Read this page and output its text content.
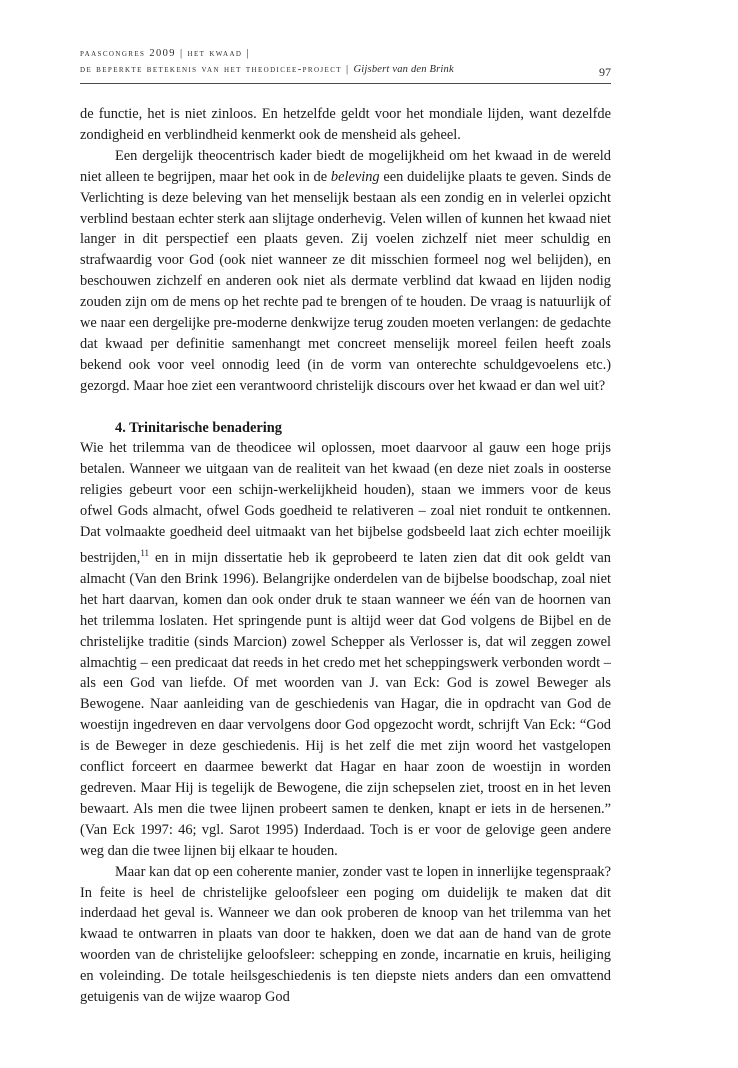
paascongres 2009 | het kwaad |
de beperkte betekenis van het theodicee-project | Gijsbert van den Brink	97

de functie, het is niet zinloos. En hetzelfde geldt voor het mondiale lijden, want dezelfde zondigheid en verblindheid kenmerkt ook de mensheid als geheel.

Een dergelijk theocentrisch kader biedt de mogelijkheid om het kwaad in de wereld niet alleen te begrijpen, maar het ook in de beleving een duidelijke plaats te geven. Sinds de Verlichting is deze beleving van het menselijk bestaan als een zondig en in velerlei opzicht verblind bestaan echter sterk aan slijtage onderhevig. Velen willen of kunnen het kwaad niet langer in dit perspectief een plaats geven. Zij voelen zichzelf niet meer schuldig en strafwaardig voor God (ook niet wanneer ze dit misschien formeel nog wel belijden), en beschouwen zichzelf en anderen ook niet als dermate verblind dat kwaad en lijden nodig zouden zijn om de mens op het rechte pad te brengen of te houden. De vraag is natuurlijk of we naar een dergelijke pre-moderne denkwijze terug zouden moeten verlangen: de gedachte dat kwaad per definitie samenhangt met concreet menselijk moreel feilen heeft zoals bekend ook voor veel onnodig leed (in de vorm van onterechte schuldgevoelens etc.) gezorgd. Maar hoe ziet een verantwoord christelijk discours over het kwaad er dan wel uit?

4. Trinitarische benadering

Wie het trilemma van de theodicee wil oplossen, moet daarvoor al gauw een hoge prijs betalen. Wanneer we uitgaan van de realiteit van het kwaad (en deze niet zoals in oosterse religies gebeurt voor een schijn-werkelijkheid houden), staan we immers voor de keus ofwel Gods almacht, ofwel Gods goedheid te relativeren – zoal niet ronduit te ontkennen. Dat volmaakte goedheid deel uitmaakt van het bijbelse godsbeeld laat zich echter moeilijk bestrijden,$^{11}$ en in mijn dissertatie heb ik geprobeerd te laten zien dat dit ook geldt van almacht (Van den Brink 1996). Belangrijke onderdelen van de bijbelse boodschap, zoal niet het hart daarvan, komen dan ook onder druk te staan wanneer we één van de hoornen van het trilemma loslaten. Het springende punt is altijd weer dat God volgens de Bijbel en de christelijke traditie (sinds Marcion) zowel Schepper als Verlosser is, dat wil zeggen zowel almachtig – een predicaat dat reeds in het credo met het scheppingswerk verbonden wordt – als een God van liefde. Of met woorden van J. van Eck: God is zowel Beweger als Bewogene. Naar aanleiding van de geschiedenis van Hagar, die in opdracht van God de woestijn ingedreven en daar vervolgens door God opgezocht wordt, schrijft Van Eck: “God is de Beweger in deze geschiedenis. Hij is het zelf die met zijn woord het vastgelopen conflict forceert en daarmee bewerkt dat Hagar en haar zoon de woestijn in worden gedreven. Maar Hij is tegelijk de Bewogene, die zijn schepselen ziet, troost en in het leven bewaart. Als men die twee lijnen probeert samen te denken, knapt er iets in de hersenen.” (Van Eck 1997: 46; vgl. Sarot 1995) Inderdaad. Toch is er voor de gelovige geen andere weg dan die twee lijnen bij elkaar te houden.

Maar kan dat op een coherente manier, zonder vast te lopen in innerlijke tegenspraak? In feite is heel de christelijke geloofsleer een poging om duidelijk te maken dat dit inderdaad het geval is. Wanneer we dan ook proberen de knoop van het trilemma van het kwaad te ontwarren in plaats van door te hakken, doen we dat aan de hand van de grote woorden van de christelijke geloofsleer: schepping en zonde, incarnatie en kruis, heiliging en voleinding. De totale heilsgeschiedenis is ten diepste niets anders dan een omvattend getuigenis van de wijze waarop God
